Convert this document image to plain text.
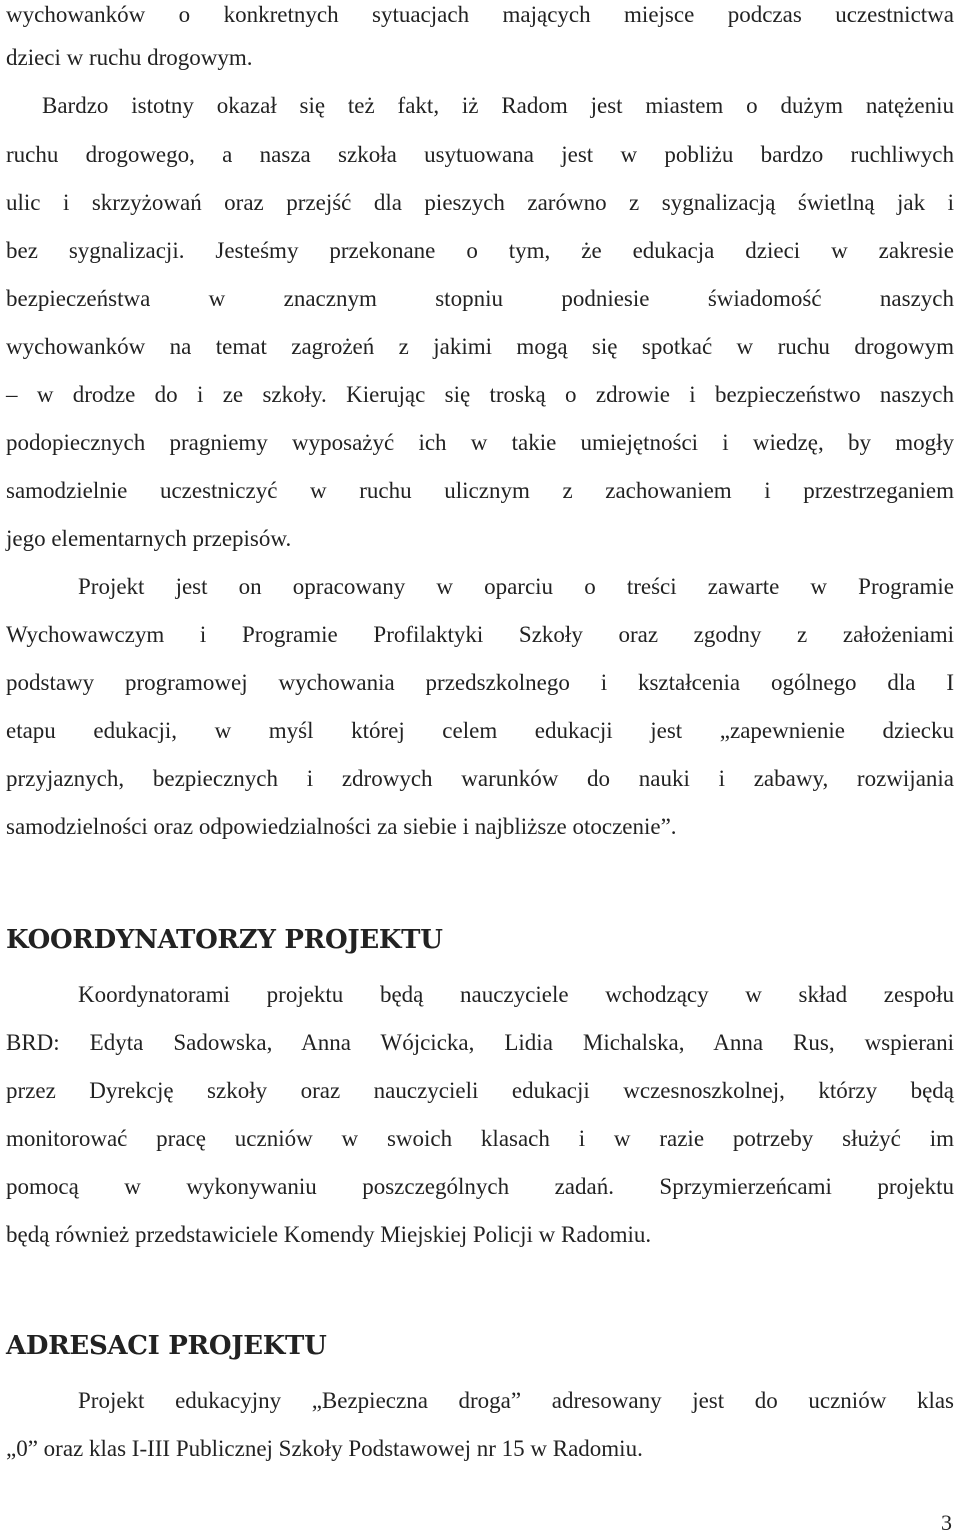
wychowanków o konkretnych sytuacjach mających miejsce podczas uczestnictwa
dzieci w ruchu drogowym.
Bardzo istotny okazał się też fakt, iż Radom jest miastem o dużym natężeniu
ruchu drogowego, a nasza szkoła usytuowana jest w pobliżu bardzo ruchliwych
ulic i skrzyżowań oraz przejść dla pieszych zarówno z sygnalizacją świetlną jak i
bez sygnalizacji. Jesteśmy przekonane o tym, że edukacja dzieci w zakresie
bezpieczeństwa w znacznym stopniu podniesie świadomość naszych
wychowanków na temat zagrożeń z jakimi mogą się spotkać w ruchu drogowym
– w drodze do i ze szkoły. Kierując się troską o zdrowie i bezpieczeństwo naszych
podopiecznych pragniemy wyposażyć ich w takie umiejętności i wiedzę, by mogły
samodzielnie uczestniczyć w ruchu ulicznym z zachowaniem i przestrzeganiem
jego elementarnych przepisów.
Projekt jest on opracowany w oparciu o treści zawarte w Programie
Wychowawczym i Programie Profilaktyki Szkoły oraz zgodny z założeniami
podstawy programowej wychowania przedszkolnego i kształcenia ogólnego dla I
etapu edukacji, w myśl której celem edukacji jest „zapewnienie dziecku
przyjaznych, bezpiecznych i zdrowych warunków do nauki i zabawy, rozwijania
samodzielności oraz odpowiedzialności za siebie i najbliższe otoczenie”.
KOORDYNATORZY PROJEKTU
Koordynatorami projektu będą nauczyciele wchodzący w skład zespołu
BRD: Edyta Sadowska, Anna Wójcicka, Lidia Michalska, Anna Rus, wspierani
przez Dyrekcję szkoły oraz nauczycieli edukacji wczesnoszkolnej, którzy będą
monitorować pracę uczniów w swoich klasach i w razie potrzeby służyć im
pomocą w wykonywaniu poszczególnych zadań. Sprzymierzeńcami projektu
będą również przedstawiciele Komendy Miejskiej Policji w Radomiu.
ADRESACI PROJEKTU
Projekt edukacyjny „Bezpieczna droga” adresowany jest do uczniów klas
„0” oraz klas I-III Publicznej Szkoły Podstawowej nr 15 w Radomiu.
3
